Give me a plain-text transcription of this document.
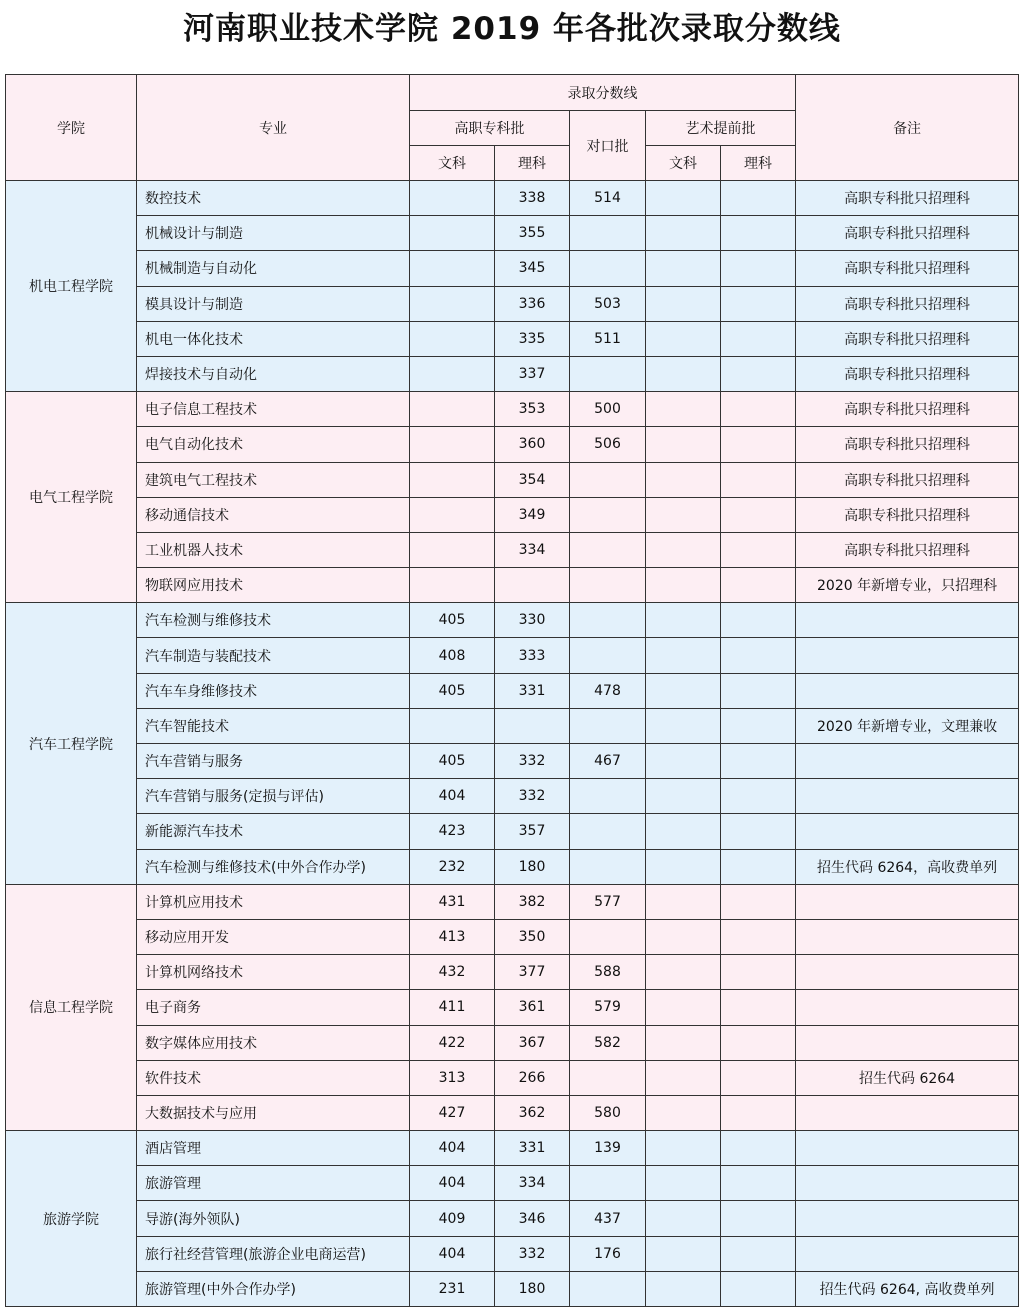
河南职业技术学院 2019 年各批次录取分数线
学院	专业	录取分数线					备注
		高职专科批		对口批	艺术提前批		
		文科	理科		文科	理科	
机电工程学院	数控技术		338	514			高职专科批只招理科
	机械设计与制造		355				高职专科批只招理科
	机械制造与自动化		345				高职专科批只招理科
	模具设计与制造		336	503			高职专科批只招理科
	机电一体化技术		335	511			高职专科批只招理科
	焊接技术与自动化		337				高职专科批只招理科
电气工程学院	电子信息工程技术		353	500			高职专科批只招理科
	电气自动化技术		360	506			高职专科批只招理科
	建筑电气工程技术		354				高职专科批只招理科
	移动通信技术		349				高职专科批只招理科
	工业机器人技术		334				高职专科批只招理科
	物联网应用技术						2020 年新增专业，只招理科
汽车工程学院	汽车检测与维修技术	405	330				
	汽车制造与装配技术	408	333				
	汽车车身维修技术	405	331	478			
	汽车智能技术						2020 年新增专业，文理兼收
	汽车营销与服务	405	332	467			
	汽车营销与服务(定损与评估)	404	332				
	新能源汽车技术	423	357				
	汽车检测与维修技术(中外合作办学)	232	180				招生代码 6264，高收费单列
信息工程学院	计算机应用技术	431	382	577			
	移动应用开发	413	350				
	计算机网络技术	432	377	588			
	电子商务	411	361	579			
	数字媒体应用技术	422	367	582			
	软件技术	313	266				招生代码 6264
	大数据技术与应用	427	362	580			
旅游学院	酒店管理	404	331	139			
	旅游管理	404	334				
	导游(海外领队)	409	346	437			
	旅行社经营管理(旅游企业电商运营)	404	332	176			
	旅游管理(中外合作办学)	231	180				招生代码 6264, 高收费单列
